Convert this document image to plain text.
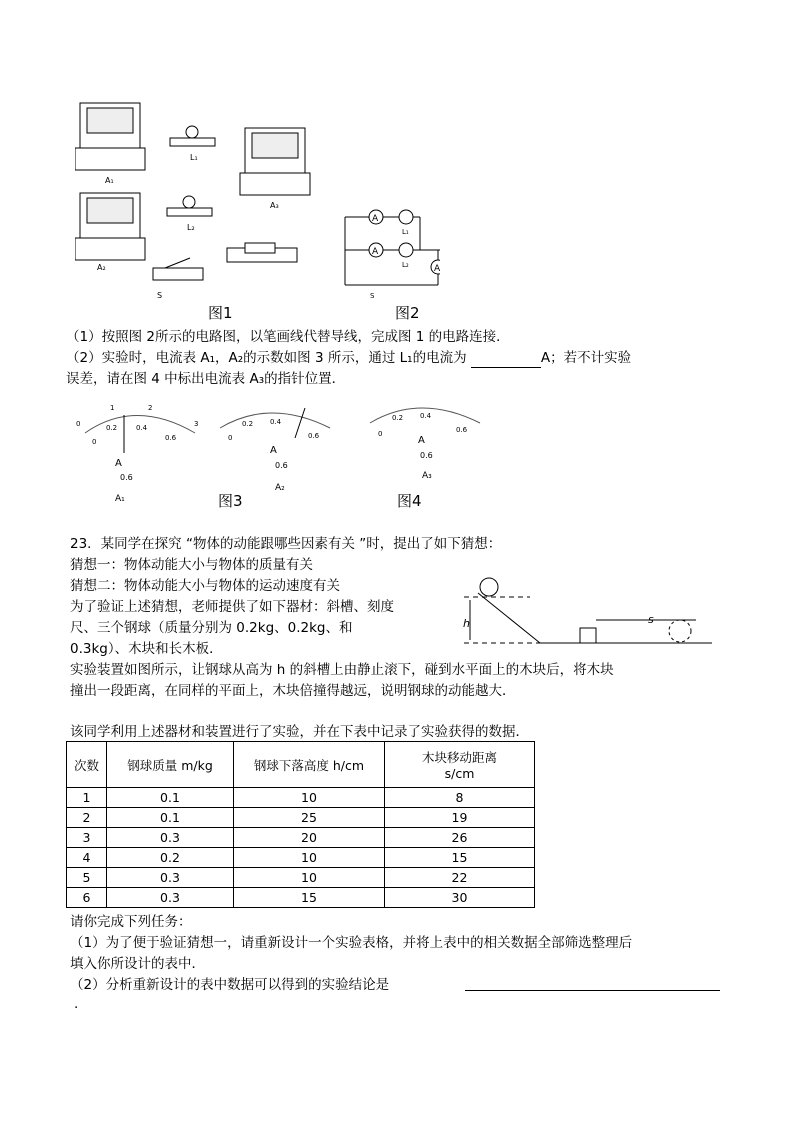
A₁
A₂
L₁
L₂
A₃
S
A
A
A
L₁
L₂
S
图1	图2
（1）按照图 2所示的电路图，以笔画线代替导线，完成图 1 的电路连接．
（2）实验时，电流表 A₁，A₂的示数如图 3 所示，通过 L₁的电流为	A；若不计实验
误差，请在图 4 中标出电流表 A₃的指针位置．
0
0.2	0.4
0.6
0
1	2
3
A
0.6
A₁
0
0.2 0.4
0.6
A
0.6
A₂
0
0.2 0.4
0.6
A
0.6
A₃
图3	图4
23．某同学在探究 “物体的动能跟哪些因素有关 ”时，提出了如下猜想：
猜想一：物体动能大小与物体的质量有关
猜想二：物体动能大小与物体的运动速度有关
为了验证上述猜想，老师提供了如下器材：斜槽、刻度
尺、三个钢球（质量分别为 0.2kg、0.2kg、和
0.3kg）、木块和长木板．
h	s
实验装置如图所示，让钢球从高为 h 的斜槽上由静止滚下，碰到水平面上的木块后，将木块
撞出一段距离，在同样的平面上，木块倍撞得越远，说明钢球的动能越大．
该同学利用上述器材和装置进行了实验，并在下表中记录了实验获得的数据．
次数	钢球质量 m/kg	钢球下落高度 h/cm	木块移动距离
s/cm

1	0.1	10	8
2	0.1	25	19
3	0.3	20	26
4	0.2	10	15
5	0.3	10	22
6	0.3	15	30
请你完成下列任务：
（1）为了便于验证猜想一，请重新设计一个实验表格，并将上表中的相关数据全部筛选整理后
填入你所设计的表中．
（2）分析重新设计的表中数据可以得到的实验结论是
.
